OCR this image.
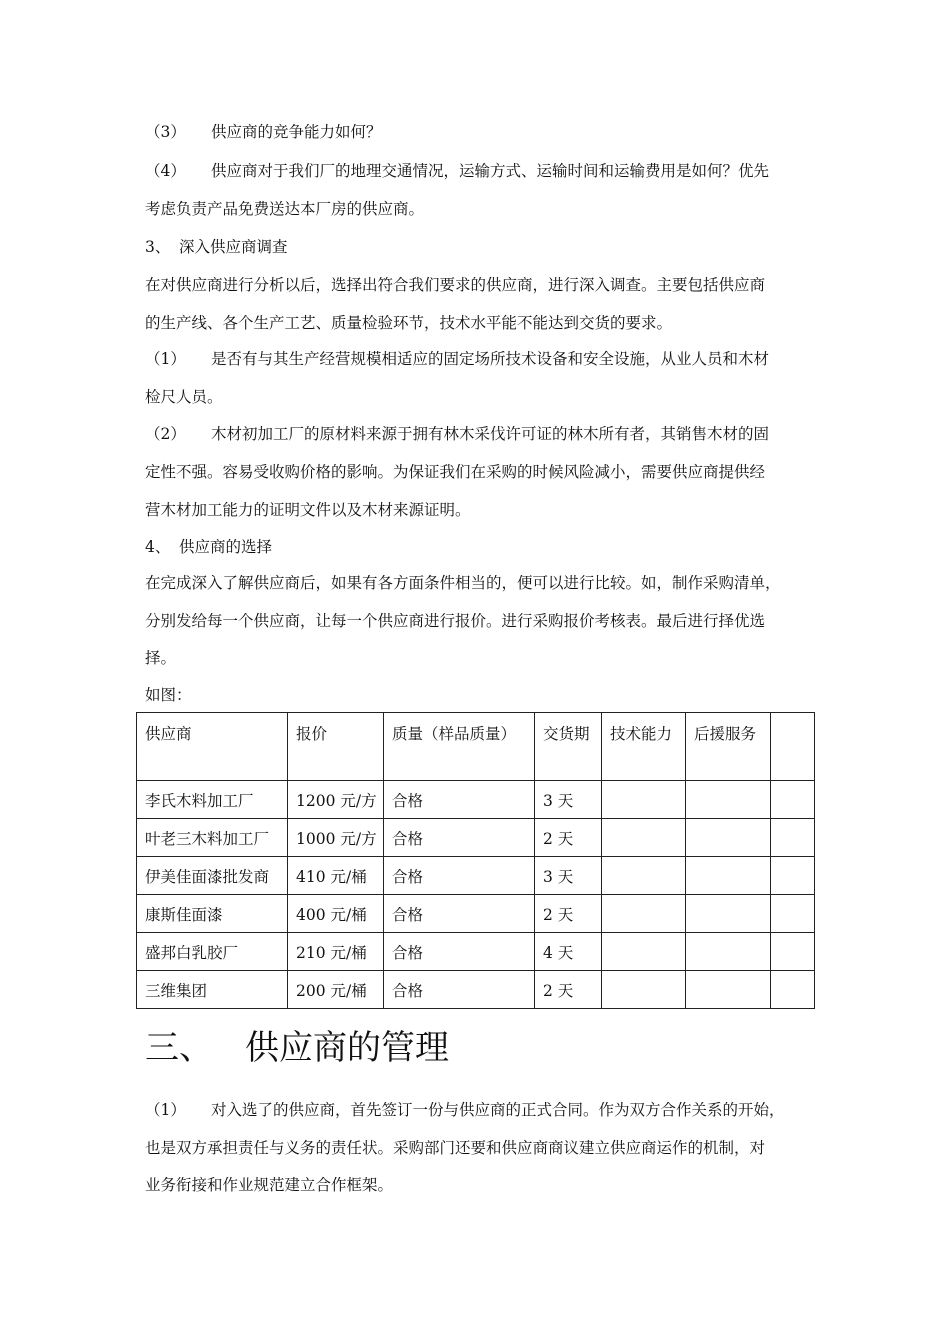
（3） 供应商的竞争能力如何？
（4） 供应商对于我们厂的地理交通情况，运输方式、运输时间和运输费用是如何？优先
考虑负责产品免费送达本厂房的供应商。
3、 深入供应商调查
在对供应商进行分析以后，选择出符合我们要求的供应商，进行深入调查。主要包括供应商
的生产线、各个生产工艺、质量检验环节，技术水平能不能达到交货的要求。
（1） 是否有与其生产经营规模相适应的固定场所技术设备和安全设施，从业人员和木材
检尺人员。
（2） 木材初加工厂的原材料来源于拥有林木采伐许可证的林木所有者，其销售木材的固
定性不强。容易受收购价格的影响。为保证我们在采购的时候风险减小，需要供应商提供经
营木材加工能力的证明文件以及木材来源证明。
4、 供应商的选择
在完成深入了解供应商后，如果有各方面条件相当的，便可以进行比较。如，制作采购清单，
分别发给每一个供应商，让每一个供应商进行报价。进行采购报价考核表。最后进行择优选
择。
如图：
供应商	报价	质量（样品质量）	交货期	技术能力	后援服务	
李氏木料加工厂	1200 元/方	合格	3 天			
叶老三木料加工厂	1000 元/方	合格	2 天			
伊美佳面漆批发商	410 元/桶	合格	3 天			
康斯佳面漆	400 元/桶	合格	2 天			
盛邦白乳胶厂	210 元/桶	合格	4 天			
三维集团	200 元/桶	合格	2 天			
三、 供应商的管理
（1） 对入选了的供应商，首先签订一份与供应商的正式合同。作为双方合作关系的开始，
也是双方承担责任与义务的责任状。采购部门还要和供应商商议建立供应商运作的机制，对
业务衔接和作业规范建立合作框架。
